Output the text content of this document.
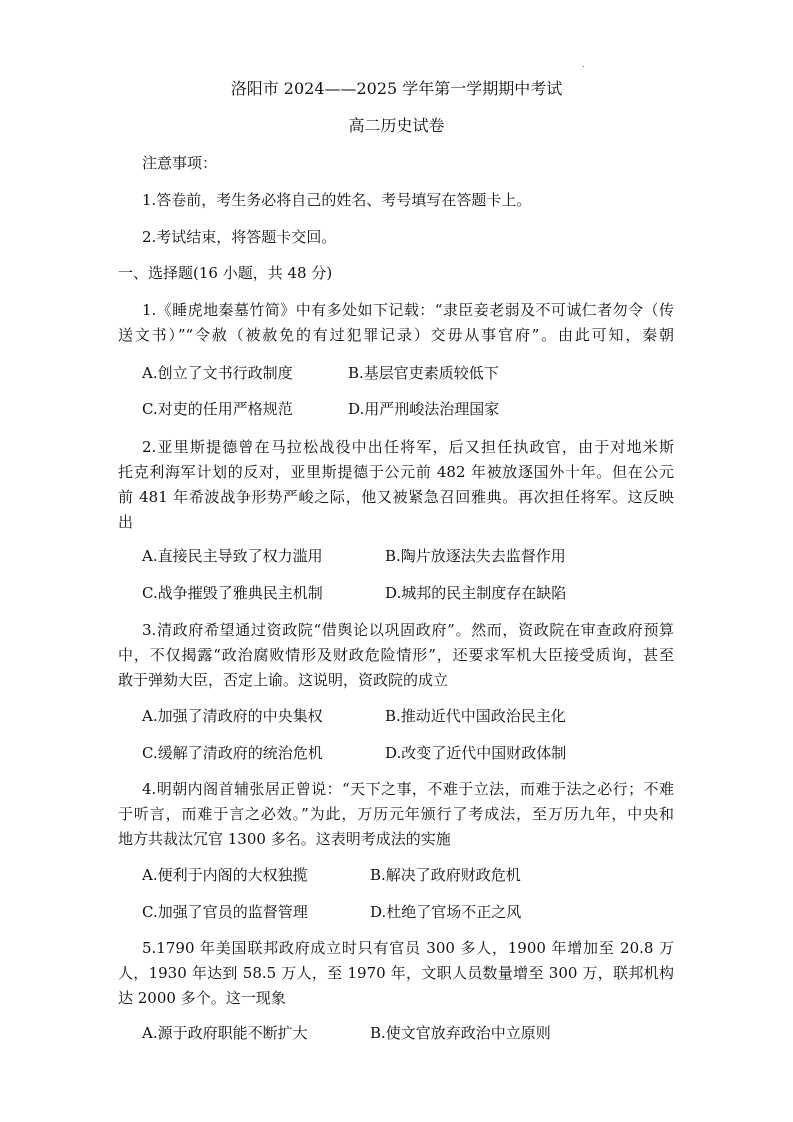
.
洛阳市 2024——2025 学年第一学期期中考试
高二历史试卷
注意事项：
1.答卷前，考生务必将自己的姓名、考号填写在答题卡上。
2.考试结束，将答题卡交回。
一、选择题(16 小题，共 48 分)
1.《睡虎地秦墓竹简》中有多处如下记载：“隶臣妾老弱及不可诚仁者勿令（传
送文书）”“令赦（被赦免的有过犯罪记录）交毋从事官府”。由此可知，秦朝
A.创立了文书行政制度	B.基层官吏素质较低下
C.对吏的任用严格规范	D.用严刑峻法治理国家
2.亚里斯提德曾在马拉松战役中出任将军，后又担任执政官，由于对地米斯
托克利海军计划的反对，亚里斯提德于公元前 482 年被放逐国外十年。但在公元
前 481 年希波战争形势严峻之际，他又被紧急召回雅典。再次担任将军。这反映
出
A.直接民主导致了权力滥用	B.陶片放逐法失去监督作用
C.战争摧毁了雅典民主机制	D.城邦的民主制度存在缺陷
3.清政府希望通过资政院“借舆论以巩固政府”。然而，资政院在审查政府预算
中，不仅揭露“政治腐败情形及财政危险情形”，还要求军机大臣接受质询，甚至
敢于弹劾大臣，否定上谕。这说明，资政院的成立
A.加强了清政府的中央集权	B.推动近代中国政治民主化
C.缓解了清政府的统治危机	D.改变了近代中国财政体制
4.明朝内阁首辅张居正曾说：“天下之事，不难于立法，而难于法之必行；不难
于听言，而难于言之必效。”为此，万历元年颁行了考成法，至万历九年，中央和
地方共裁汰冗官 1300 多名。这表明考成法的实施
A.便利于内阁的大权独揽	B.解决了政府财政危机
C.加强了官员的监督管理	D.杜绝了官场不正之风
5.1790 年美国联邦政府成立时只有官员 300 多人，1900 年增加至 20.8 万
人，1930 年达到 58.5 万人，至 1970 年，文职人员数量增至 300 万，联邦机构
达 2000 多个。这一现象
A.源于政府职能不断扩大	B.使文官放弃政治中立原则
